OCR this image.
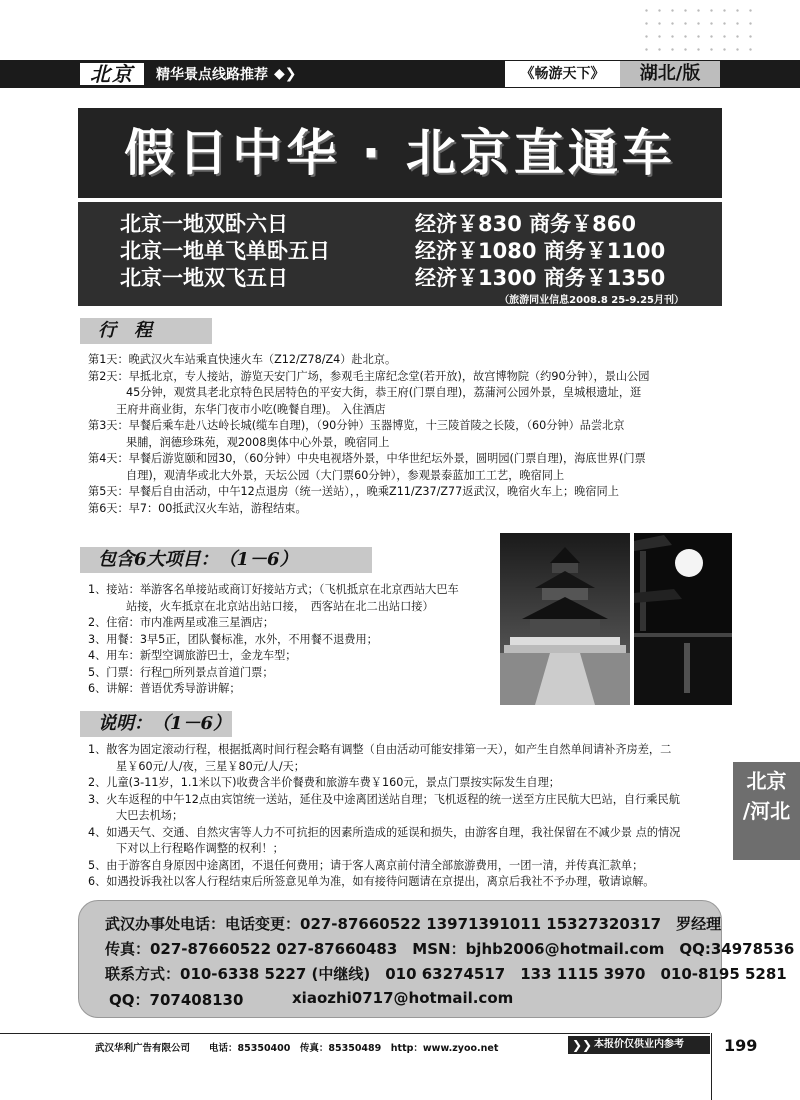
北京	精华景点线路推荐 ◆❯	《畅游天下》	湖北/版
假日中华 · 北京直通车
北京一地双卧六日	经济￥830 商务￥860
北京一地单飞单卧五日	经济￥1080 商务￥1100
北京一地双飞五日	经济￥1300 商务￥1350
（旅游同业信息2008.8 25-9.25月刊）
行　程
第1天：晚武汉火车站乘直快速火车（Z12/Z78/Z4）赴北京。
第2天：早抵北京，专人接站，游览天安门广场，参观毛主席纪念堂(若开放)，故宫博物院（约90分钟），景山公园
45分钟，观赏具老北京特色民居特色的平安大街，恭王府(门票自理)，荔蒲河公园外景，皇城根遗址，逛
王府井商业街，东华门夜市小吃(晚餐自理)。 入住酒店
第3天：早餐后乘车赴八达岭长城(缆车自理)，（90分钟）玉器博览，十三陵首陵之长陵，（60分钟）品尝北京
果脯，润德珍珠苑，观2008奥体中心外景，晚宿同上
第4天：早餐后游览颐和园30，（60分钟）中央电视塔外景，中华世纪坛外景，圆明园(门票自理)，海底世界(门票
自理)，观清华或北大外景，天坛公园（大门票60分钟），参观景泰蓝加工工艺，晚宿同上
第5天：早餐后自由活动，中午12点退房（统一送站），，晚乘Z11/Z37/Z77返武汉，晚宿火车上；晚宿同上
第6天：早7：00抵武汉火车站，游程结束。
包含6大项目：（1－6）
1、接站：举游客名单接站或商订好接站方式；（飞机抵京在北京西站大巴车
站接，火车抵京在北京站出站口接，　西客站在北二出站口接）
2、住宿：市内准两星或准三星酒店；
3、用餐：3早5正，团队餐标准，水外，不用餐不退费用；
4、用车：新型空调旅游巴士，金龙车型；
5、门票：行程□所列景点首道门票；
6、讲解：普语优秀导游讲解；
说明：（1－6）
1、散客为固定滚动行程，根据抵离时间行程会略有调整（自由活动可能安排第一天），如产生自然单间请补齐房差，二
星￥60元/人/夜，三星￥80元/人/天；
2、儿童(3-11岁，1.1米以下)收费含半价餐费和旅游车费￥160元，景点门票按实际发生自理；
3、火车返程的中午12点由宾馆统一送站，延住及中途离团送站自理；飞机返程的统一送至方庄民航大巴站，自行乘民航
大巴去机场；
4、如遇天气、交通、自然灾害等人力不可抗拒的因素所造成的延误和损失，由游客自理，我社保留在不减少景 点的情况
下对以上行程略作调整的权利！；
5、由于游客自身原因中途离团，不退任何费用；请于客人离京前付清全部旅游费用，一团一清，并传真汇款单；
6、如遇投诉我社以客人行程结束后所签意见单为准，如有接待问题请在京提出，离京后我社不予办理，敬请谅解。
北京
/河北
武汉办事处电话：电话变更：027-87660522 13971391011 15327320317　罗经理
传真：027-87660522 027-87660483　MSN：bjhb2006@hotmail.com　QQ:34978536
联系方式：010-6338 5227 (中继线)　010 63274517　133 1115 3970　010-8195 5281
QQ：707408130	xiaozhi0717@hotmail.com
武汉华利广告有限公司　　电话：85350400　传真：85350489　http：www.zyoo.net	本报价仅供业内参考
❯❯	199
